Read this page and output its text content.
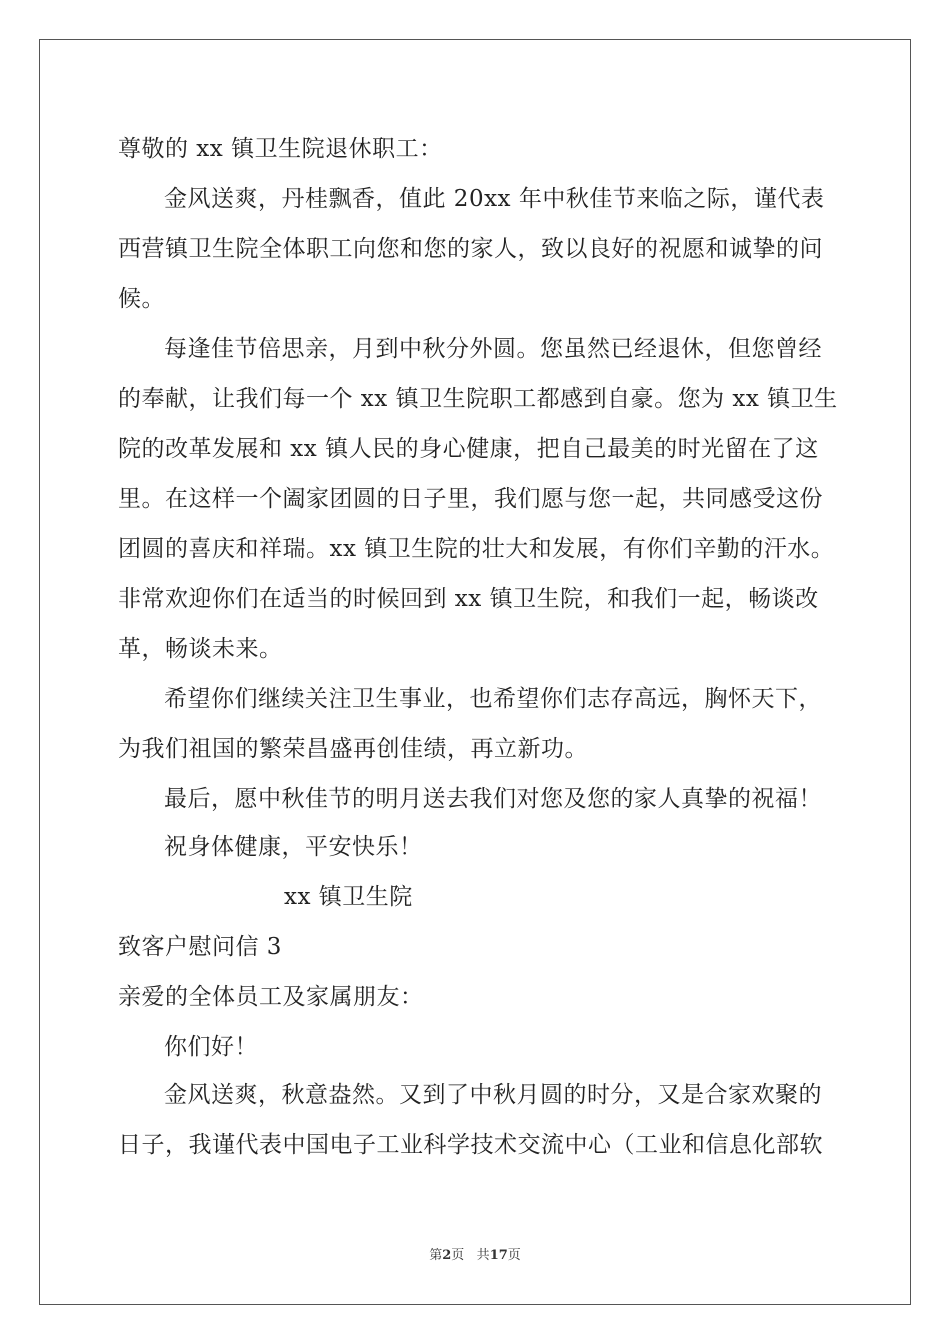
尊敬的 xx 镇卫生院退休职工：
金风送爽，丹桂飘香，值此 20xx 年中秋佳节来临之际，谨代表
西营镇卫生院全体职工向您和您的家人，致以良好的祝愿和诚挚的问
候。
每逢佳节倍思亲，月到中秋分外圆。您虽然已经退休，但您曾经
的奉献，让我们每一个 xx 镇卫生院职工都感到自豪。您为 xx 镇卫生
院的改革发展和 xx 镇人民的身心健康，把自己最美的时光留在了这
里。在这样一个阖家团圆的日子里，我们愿与您一起，共同感受这份
团圆的喜庆和祥瑞。xx 镇卫生院的壮大和发展，有你们辛勤的汗水。
非常欢迎你们在适当的时候回到 xx 镇卫生院，和我们一起，畅谈改
革，畅谈未来。
希望你们继续关注卫生事业，也希望你们志存高远，胸怀天下，
为我们祖国的繁荣昌盛再创佳绩，再立新功。
最后，愿中秋佳节的明月送去我们对您及您的家人真挚的祝福！
祝身体健康，平安快乐！
xx 镇卫生院
致客户慰问信 3
亲爱的全体员工及家属朋友：
你们好！
金风送爽，秋意盎然。又到了中秋月圆的时分，又是合家欢聚的
日子，我谨代表中国电子工业科学技术交流中心（工业和信息化部软
第2页 共17页
